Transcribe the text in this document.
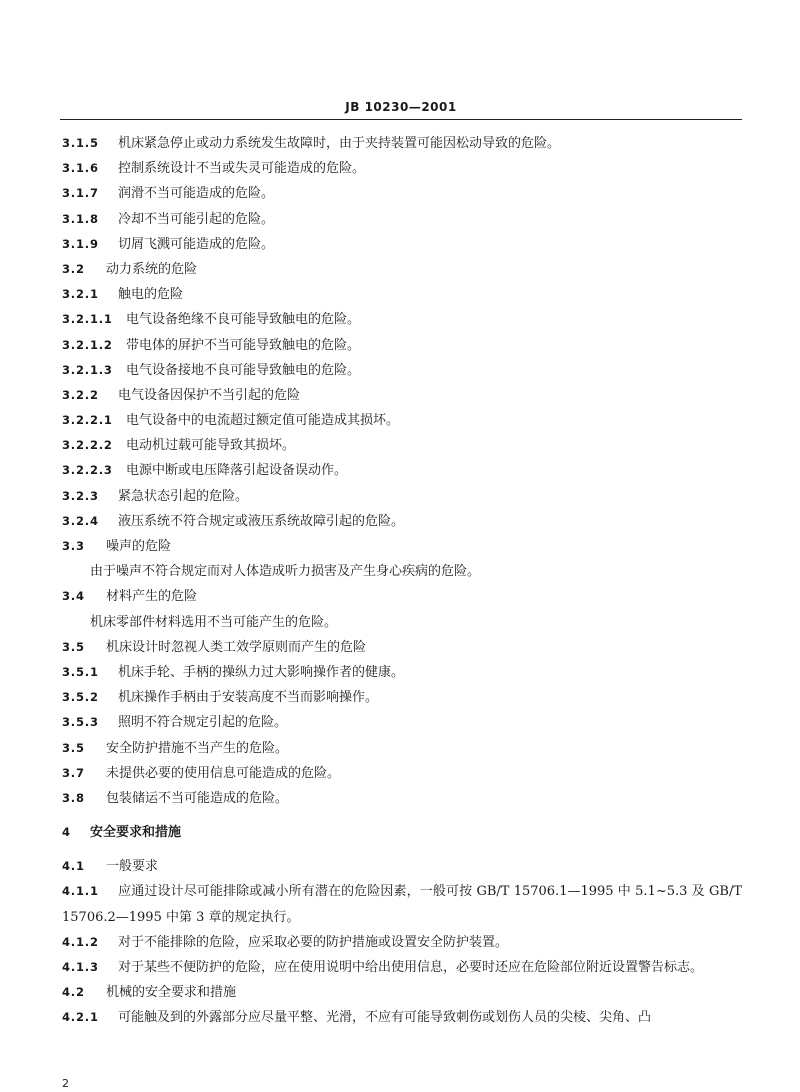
JB 10230—2001
3.1.5 机床紧急停止或动力系统发生故障时，由于夹持装置可能因松动导致的危险。
3.1.6 控制系统设计不当或失灵可能造成的危险。
3.1.7 润滑不当可能造成的危险。
3.1.8 冷却不当可能引起的危险。
3.1.9 切屑飞溅可能造成的危险。
3.2 动力系统的危险
3.2.1 触电的危险
3.2.1.1 电气设备绝缘不良可能导致触电的危险。
3.2.1.2 带电体的屏护不当可能导致触电的危险。
3.2.1.3 电气设备接地不良可能导致触电的危险。
3.2.2 电气设备因保护不当引起的危险
3.2.2.1 电气设备中的电流超过额定值可能造成其损坏。
3.2.2.2 电动机过载可能导致其损坏。
3.2.2.3 电源中断或电压降落引起设备误动作。
3.2.3 紧急状态引起的危险。
3.2.4 液压系统不符合规定或液压系统故障引起的危险。
3.3 噪声的危险
由于噪声不符合规定而对人体造成听力损害及产生身心疾病的危险。
3.4 材料产生的危险
机床零部件材料选用不当可能产生的危险。
3.5 机床设计时忽视人类工效学原则而产生的危险
3.5.1 机床手轮、手柄的操纵力过大影响操作者的健康。
3.5.2 机床操作手柄由于安装高度不当而影响操作。
3.5.3 照明不符合规定引起的危险。
3.5 安全防护措施不当产生的危险。
3.7 未提供必要的使用信息可能造成的危险。
3.8 包装储运不当可能造成的危险。
4 安全要求和措施
4.1 一般要求
4.1.1 应通过设计尽可能排除或减小所有潜在的危险因素，一般可按 GB/T 15706.1—1995 中 5.1~5.3 及 GB/T 15706.2—1995 中第 3 章的规定执行。
4.1.2 对于不能排除的危险，应采取必要的防护措施或设置安全防护装置。
4.1.3 对于某些不便防护的危险，应在使用说明中给出使用信息，必要时还应在危险部位附近设置警告标志。
4.2 机械的安全要求和措施
4.2.1 可能触及到的外露部分应尽量平整、光滑，不应有可能导致刺伤或划伤人员的尖棱、尖角、凸
2
